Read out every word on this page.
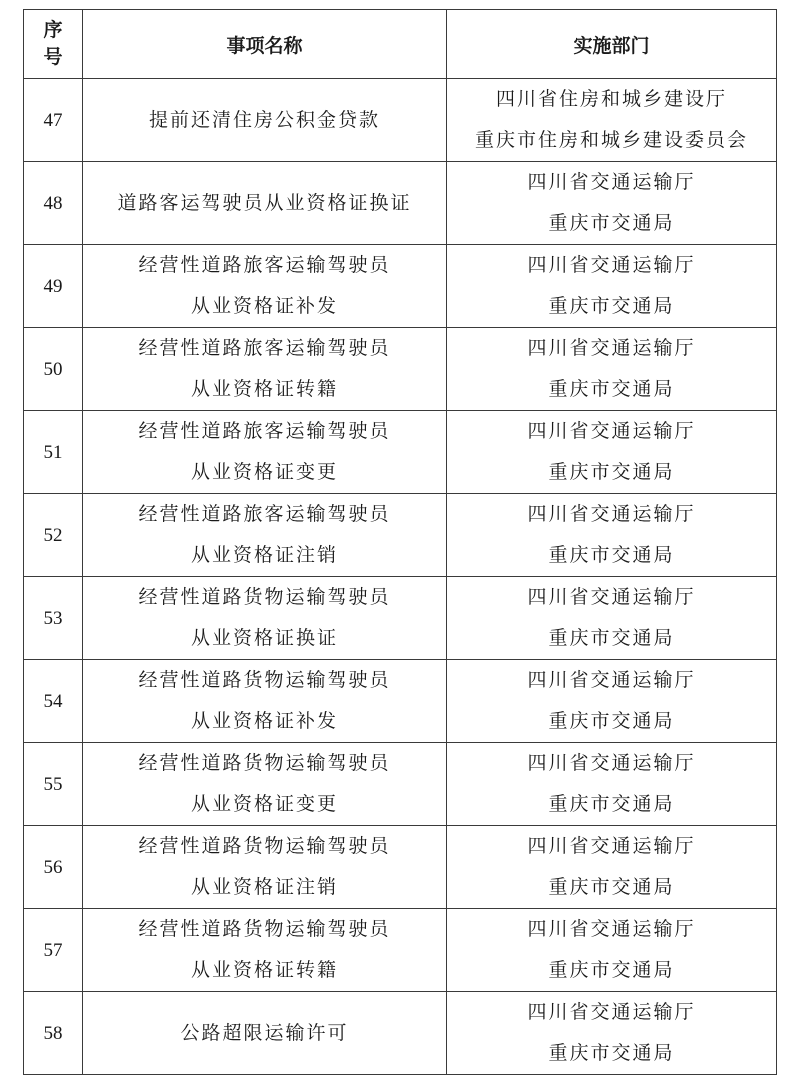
序
号	事项名称	实施部门
47	提前还清住房公积金贷款	四川省住房和城乡建设厅
重庆市住房和城乡建设委员会

48	道路客运驾驶员从业资格证换证	四川省交通运输厅
重庆市交通局

49	经营性道路旅客运输驾驶员
从业资格证补发	四川省交通运输厅
重庆市交通局

50	经营性道路旅客运输驾驶员
从业资格证转籍	四川省交通运输厅
重庆市交通局

51	经营性道路旅客运输驾驶员
从业资格证变更	四川省交通运输厅
重庆市交通局

52	经营性道路旅客运输驾驶员
从业资格证注销	四川省交通运输厅
重庆市交通局

53	经营性道路货物运输驾驶员
从业资格证换证	四川省交通运输厅
重庆市交通局

54	经营性道路货物运输驾驶员
从业资格证补发	四川省交通运输厅
重庆市交通局

55	经营性道路货物运输驾驶员
从业资格证变更	四川省交通运输厅
重庆市交通局

56	经营性道路货物运输驾驶员
从业资格证注销	四川省交通运输厅
重庆市交通局

57	经营性道路货物运输驾驶员
从业资格证转籍	四川省交通运输厅
重庆市交通局

58	公路超限运输许可	四川省交通运输厅
重庆市交通局
